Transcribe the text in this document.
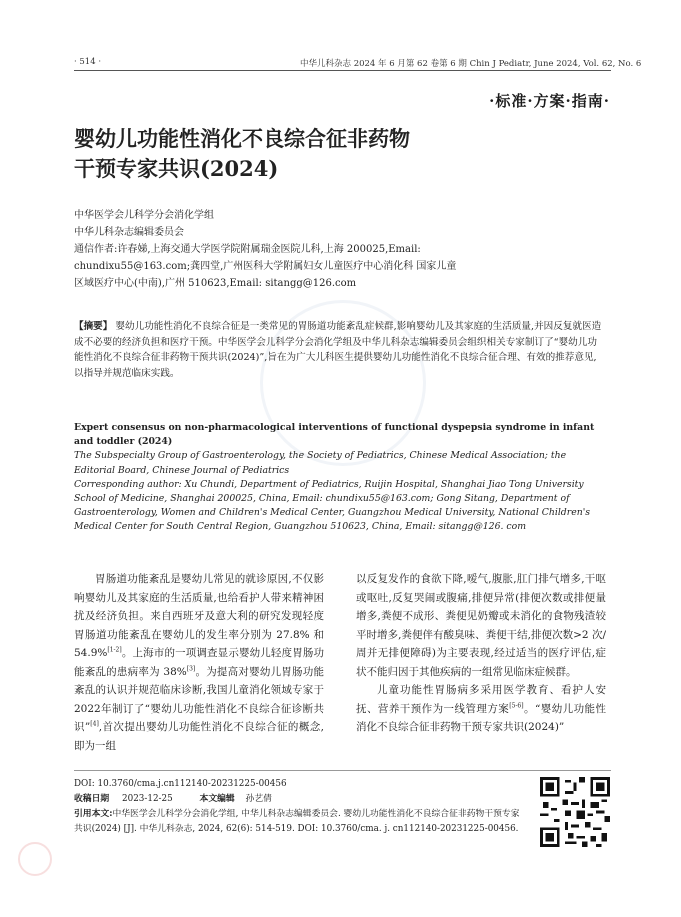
· 514 ·	中华儿科杂志 2024 年 6 月第 62 卷第 6 期 Chin J Pediatr, June 2024, Vol. 62, No. 6
·标准·方案·指南·
婴幼儿功能性消化不良综合征非药物
干预专家共识(2024)
中华医学会儿科学分会消化学组
中华儿科杂志编辑委员会
通信作者:许春娣,上海交通大学医学院附属瑞金医院儿科,上海 200025,Email:
chundixu55@163.com;龚四堂,广州医科大学附属妇女儿童医疗中心消化科 国家儿童
区域医疗中心(中南),广州 510623,Email: sitangg@126.com
【摘要】 婴幼儿功能性消化不良综合征是一类常见的胃肠道功能紊乱症候群,影响婴幼儿及其家庭的生活质量,并因反复就医造成不必要的经济负担和医疗干预。中华医学会儿科学分会消化学组及中华儿科杂志编辑委员会组织相关专家制订了“婴幼儿功能性消化不良综合征非药物干预共识(2024)”,旨在为广大儿科医生提供婴幼儿功能性消化不良综合征合理、有效的推荐意见,以指导并规范临床实践。
Expert consensus on non-pharmacological interventions of functional dyspepsia syndrome in infant and toddler (2024)
The Subspecialty Group of Gastroenterology, the Society of Pediatrics, Chinese Medical Association; the Editorial Board, Chinese Journal of Pediatrics
Corresponding author: Xu Chundi, Department of Pediatrics, Ruijin Hospital, Shanghai Jiao Tong University School of Medicine, Shanghai 200025, China, Email: chundixu55@163.com; Gong Sitang, Department of Gastroenterology, Women and Children's Medical Center, Guangzhou Medical University, National Children's Medical Center for South Central Region, Guangzhou 510623, China, Email: sitangg@126. com
胃肠道功能紊乱是婴幼儿常见的就诊原因,不仅影响婴幼儿及其家庭的生活质量,也给看护人带来精神困扰及经济负担。来自西班牙及意大利的研究发现轻度胃肠道功能紊乱在婴幼儿的发生率分别为 27.8% 和 54.9%[1-2]。上海市的一项调查显示婴幼儿轻度胃肠功能紊乱的患病率为 38%[3]。为提高对婴幼儿胃肠功能紊乱的认识并规范临床诊断,我国儿童消化领域专家于2022年制订了“婴幼儿功能性消化不良综合征诊断共识”[4],首次提出婴幼儿功能性消化不良综合征的概念,即为一组
以反复发作的食欲下降,嗳气,腹胀,肛门排气增多,干呕或呕吐,反复哭闹或腹痛,排便异常(排便次数或排便量增多,粪便不成形、粪便见奶瓣或未消化的食物残渣较平时增多,粪便伴有酸臭味、粪便干结,排便次数>2 次/周并无排便障碍)为主要表现,经过适当的医疗评估,症状不能归因于其他疾病的一组常见临床症候群。
儿童功能性胃肠病多采用医学教育、看护人安抚、营养干预作为一线管理方案[5-6]。“婴幼儿功能性消化不良综合征非药物干预专家共识(2024)”
DOI: 10.3760/cma.j.cn112140-20231225-00456
收稿日期 2023-12-25	本文编辑 孙艺倩
引用本文:中华医学会儿科学分会消化学组, 中华儿科杂志编辑委员会. 婴幼儿功能性消化不良综合征非药物干预专家共识(2024) [J]. 中华儿科杂志, 2024, 62(6): 514-519. DOI: 10.3760/cma. j. cn112140-20231225-00456.
